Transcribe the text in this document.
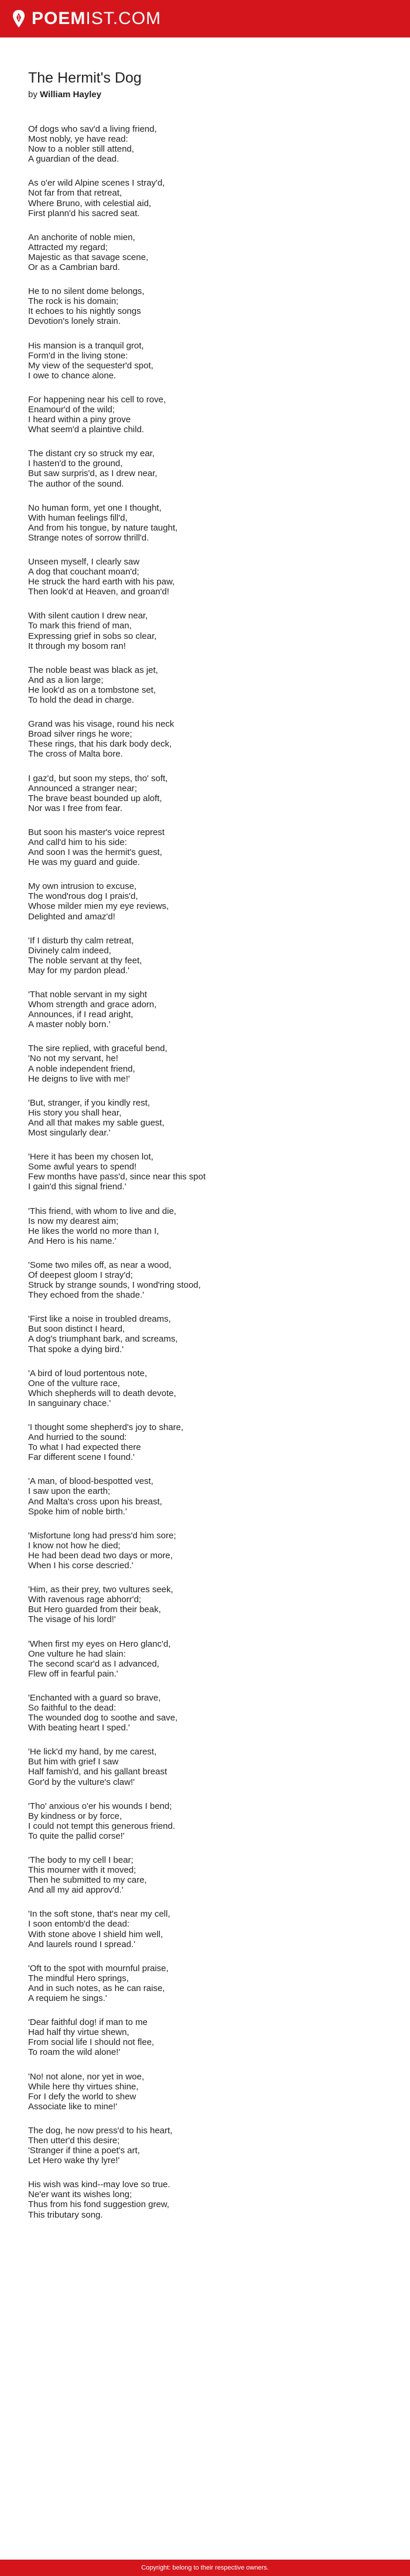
POEMIST.COM
The Hermit's Dog

by William Hayley

Of dogs who sav'd a living friend,
Most nobly, ye have read:
Now to a nobler still attend,
A guardian of the dead.

As o'er wild Alpine scenes I stray'd,
Not far from that retreat,
Where Bruno, with celestial aid,
First plann'd his sacred seat.

An anchorite of noble mien,
Attracted my regard;
Majestic as that savage scene,
Or as a Cambrian bard.

He to no silent dome belongs,
The rock is his domain;
It echoes to his nightly songs
Devotion's lonely strain.

His mansion is a tranquil grot,
Form'd in the living stone:
My view of the sequester'd spot,
I owe to chance alone.

For happening near his cell to rove,
Enamour'd of the wild;
I heard within a piny grove
What seem'd a plaintive child.

The distant cry so struck my ear,
I hasten'd to the ground,
But saw surpris'd, as I drew near,
The author of the sound.

No human form, yet one I thought,
With human feelings fill'd,
And from his tongue, by nature taught,
Strange notes of sorrow thrill'd.

Unseen myself, I clearly saw
A dog that couchant moan'd;
He struck the hard earth with his paw,
Then look'd at Heaven, and groan'd!

With silent caution I drew near,
To mark this friend of man,
Expressing grief in sobs so clear,
It through my bosom ran!

The noble beast was black as jet,
And as a lion large;
He look'd as on a tombstone set,
To hold the dead in charge.

Grand was his visage, round his neck
Broad silver rings he wore;
These rings, that his dark body deck,
The cross of Malta bore.

I gaz'd, but soon my steps, tho' soft,
Announced a stranger near;
The brave beast bounded up aloft,
Nor was I free from fear.

But soon his master's voice represt
And call'd him to his side:
And soon I was the hermit's guest,
He was my guard and guide.

My own intrusion to excuse,
The wond'rous dog I prais'd,
Whose milder mien my eye reviews,
Delighted and amaz'd!

'If I disturb thy calm retreat,
Divinely calm indeed,
The noble servant at thy feet,
May for my pardon plead.'

'That noble servant in my sight
Whom strength and grace adorn,
Announces, if I read aright,
A master nobly born.'

The sire replied, with graceful bend,
'No not my servant, he!
A noble independent friend,
He deigns to live with me!'

'But, stranger, if you kindly rest,
His story you shall hear,
And all that makes my sable guest,
Most singularly dear.'

'Here it has been my chosen lot,
Some awful years to spend!
Few months have pass'd, since near this spot
I gain'd this signal friend.'

'This friend, with whom to live and die,
Is now my dearest aim;
He likes the world no more than I,
And Hero is his name.'

'Some two miles off, as near a wood,
Of deepest gloom I stray'd;
Struck by strange sounds, I wond'ring stood,
They echoed from the shade.'

'First like a noise in troubled dreams,
But soon distinct I heard,
A dog's triumphant bark, and screams,
That spoke a dying bird.'

'A bird of loud portentous note,
One of the vulture race,
Which shepherds will to death devote,
In sanguinary chace.'

'I thought some shepherd's joy to share,
And hurried to the sound:
To what I had expected there
Far different scene I found.'

'A man, of blood-bespotted vest,
I saw upon the earth;
And Malta's cross upon his breast,
Spoke him of noble birth.'

'Misfortune long had press'd him sore;
I know not how he died;
He had been dead two days or more,
When I his corse descried.'

'Him, as their prey, two vultures seek,
With ravenous rage abhorr'd;
But Hero guarded from their beak,
The visage of his lord!'

'When first my eyes on Hero glanc'd,
One vulture he had slain:
The second scar'd as I advanced,
Flew off in fearful pain.'

'Enchanted with a guard so brave,
So faithful to the dead:
The wounded dog to soothe and save,
With beating heart I sped.'

'He lick'd my hand, by me carest,
But him with grief I saw
Half famish'd, and his gallant breast
Gor'd by the vulture's claw!'

'Tho' anxious o'er his wounds I bend;
By kindness or by force,
I could not tempt this generous friend.
To quite the pallid corse!'

'The body to my cell I bear;
This mourner with it moved;
Then he submitted to my care,
And all my aid approv'd.'

'In the soft stone, that's near my cell,
I soon entomb'd the dead:
With stone above I shield him well,
And laurels round I spread.'

'Oft to the spot with mournful praise,
The mindful Hero springs,
And in such notes, as he can raise,
A requiem he sings.'

'Dear faithful dog! if man to me
Had half thy virtue shewn,
From social life I should not flee,
To roam the wild alone!'

'No! not alone, nor yet in woe,
While here thy virtues shine,
For I defy the world to shew
Associate like to mine!'

The dog, he now press'd to his heart,
Then utter'd this desire;
'Stranger if thine a poet's art,
Let Hero wake thy lyre!'

His wish was kind--may love so true.
Ne'er want its wishes long;
Thus from his fond suggestion grew,
This tributary song.

Copyright: belong to their respective owners.
